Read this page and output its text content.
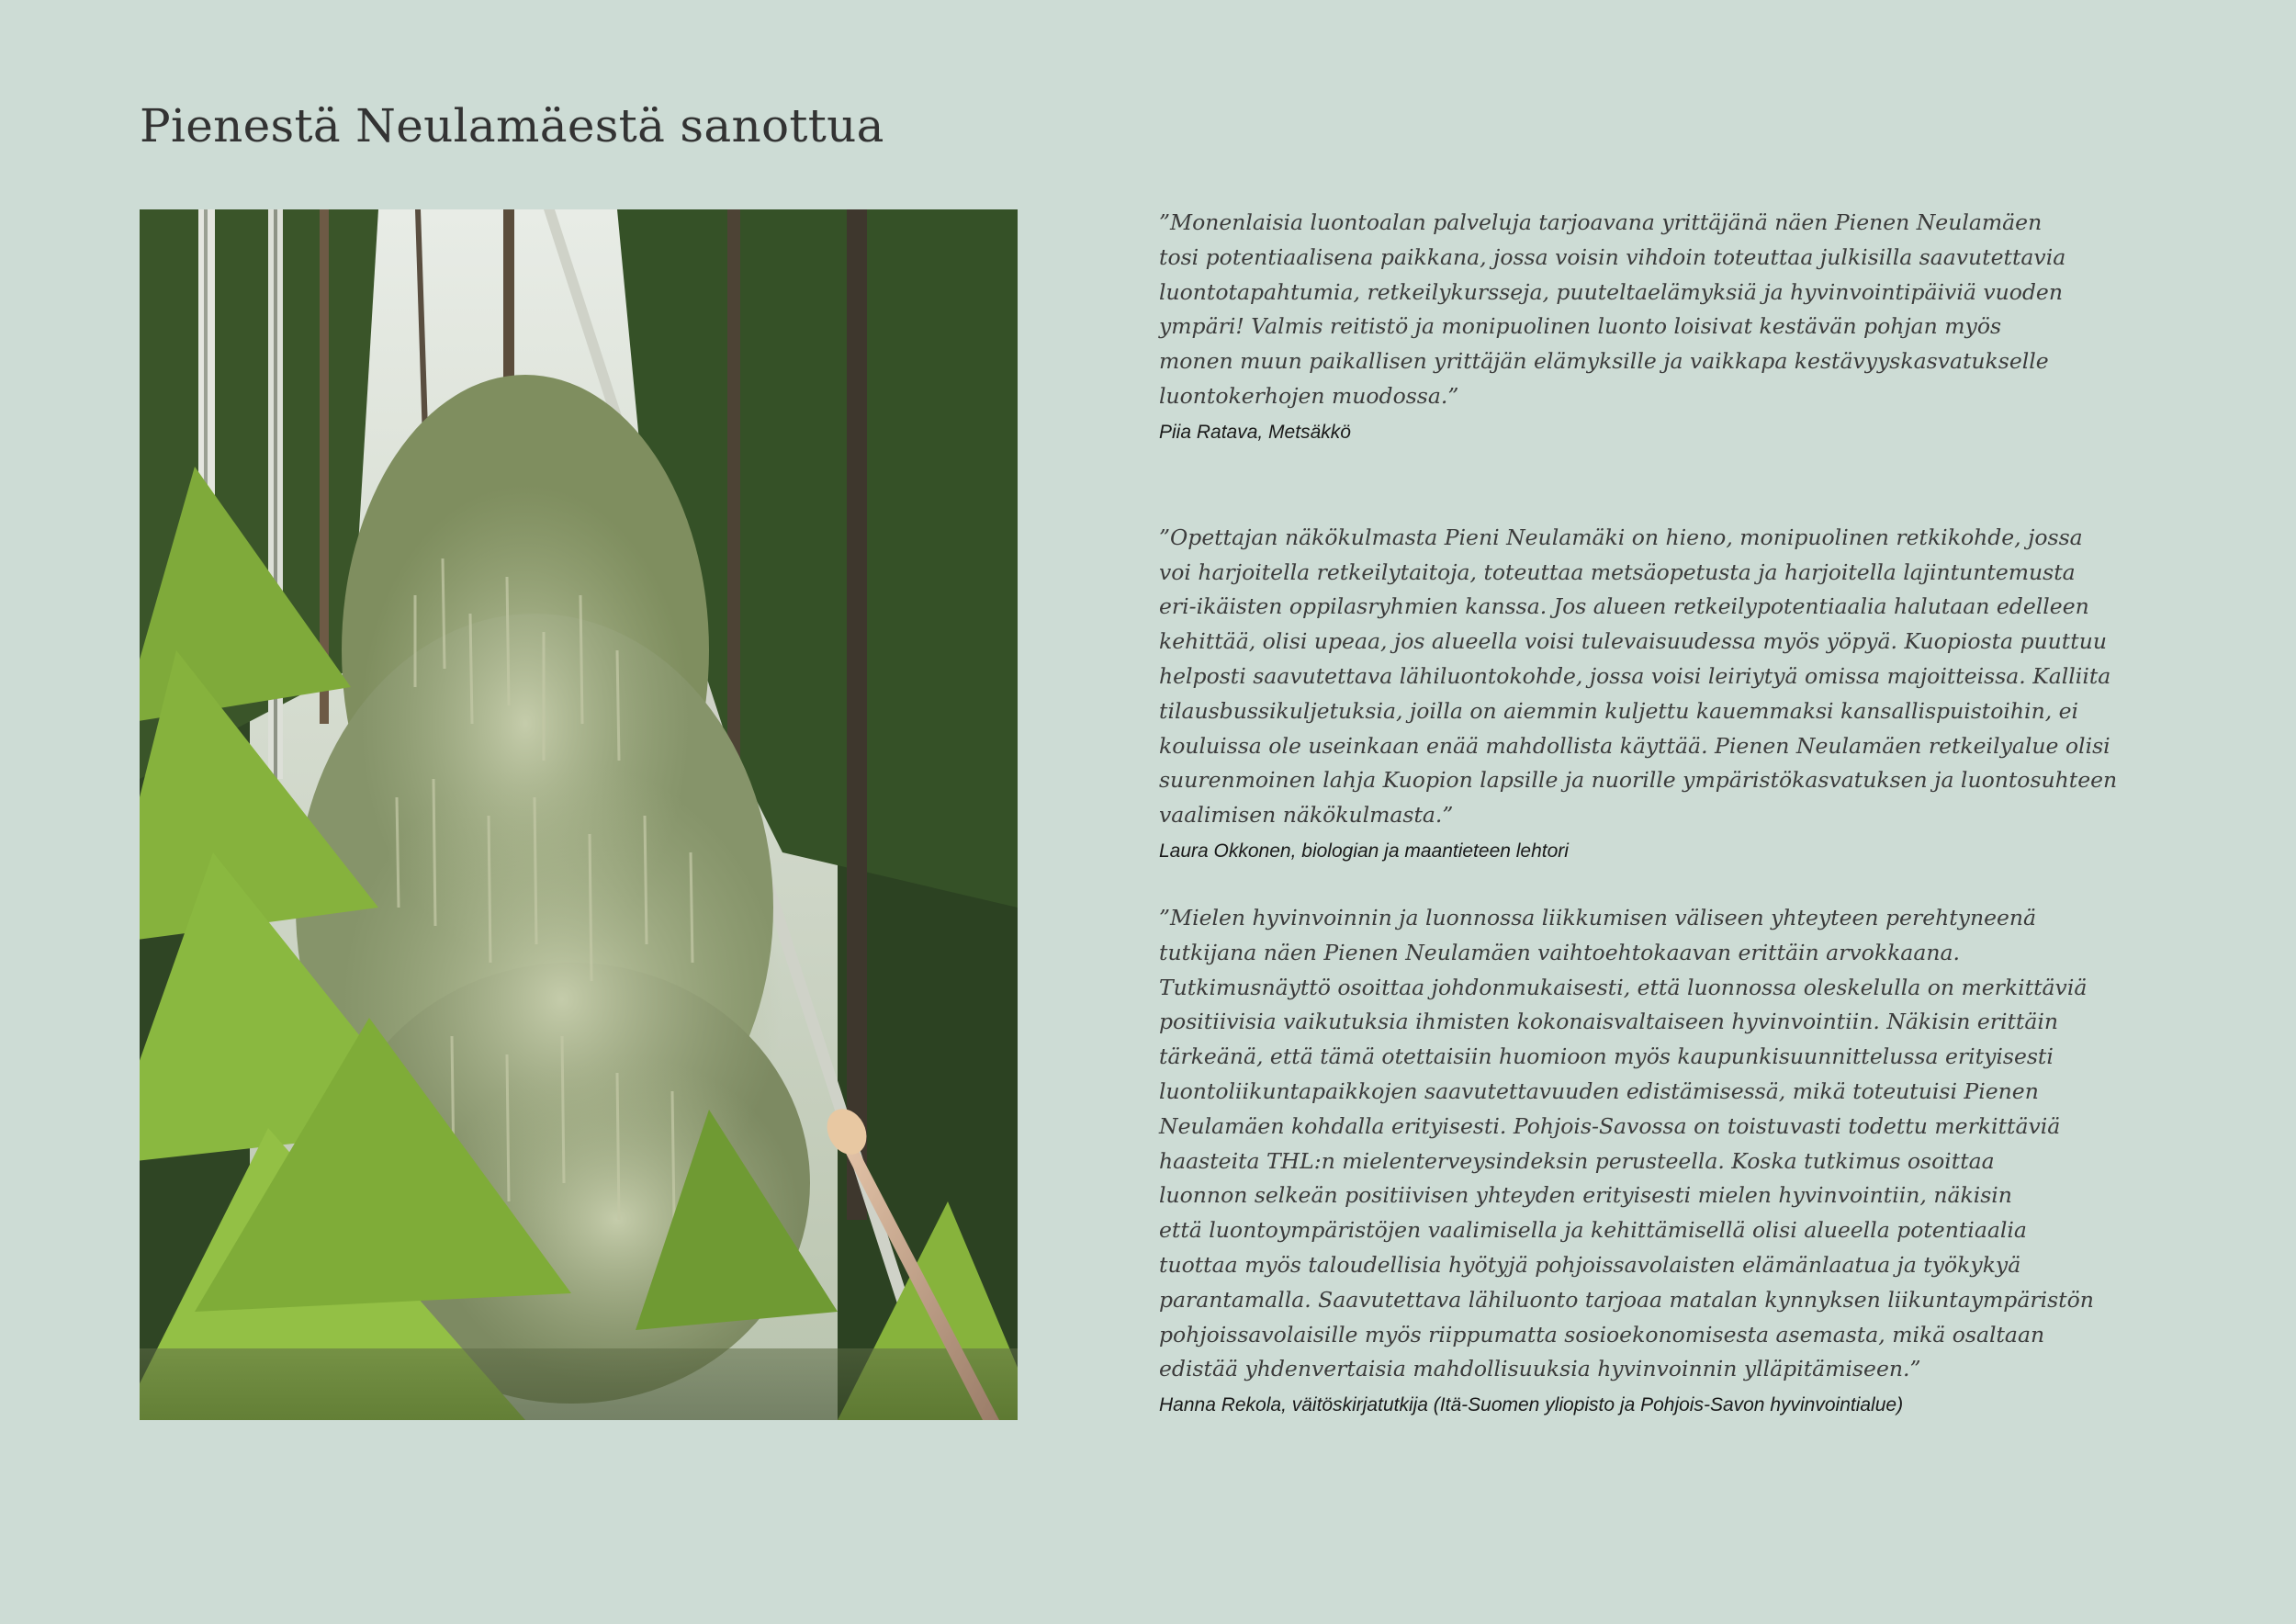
Pienestä Neulamäestä sanottua

”Monenlaisia luontoalan palveluja tarjoavana yrittäjänä näen Pienen Neulamäen
tosi potentiaalisena paikkana, jossa voisin vihdoin toteuttaa julkisilla saavutettavia
luontotapahtumia, retkeilykursseja, puuteltaelämyksiä ja hyvinvointipäiviä vuoden
ympäri! Valmis reitistö ja monipuolinen luonto loisivat kestävän pohjan myös
monen muun paikallisen yrittäjän elämyksille ja vaikkapa kestävyyskasvatukselle
luontokerhojen muodossa.”

Piia Ratava, Metsäkkö

”Opettajan näkökulmasta Pieni Neulamäki on hieno, monipuolinen retkikohde, jossa
voi harjoitella retkeilytaitoja, toteuttaa metsäopetusta ja harjoitella lajintuntemusta
eri-ikäisten oppilasryhmien kanssa. Jos alueen retkeilypotentiaalia halutaan edelleen
kehittää, olisi upeaa, jos alueella voisi tulevaisuudessa myös yöpyä. Kuopiosta puuttuu
helposti saavutettava lähiluontokohde, jossa voisi leiriytyä omissa majoitteissa. Kalliita
tilausbussikuljetuksia, joilla on aiemmin kuljettu kauemmaksi kansallispuistoihin, ei
kouluissa ole useinkaan enää mahdollista käyttää. Pienen Neulamäen retkeilyalue olisi
suurenmoinen lahja Kuopion lapsille ja nuorille ympäristökasvatuksen ja luontosuhteen
vaalimisen näkökulmasta.”

Laura Okkonen, biologian ja maantieteen lehtori

”Mielen hyvinvoinnin ja luonnossa liikkumisen väliseen yhteyteen perehtyneenä
tutkijana näen Pienen Neulamäen vaihtoehtokaavan erittäin arvokkaana.
Tutkimusnäyttö osoittaa johdonmukaisesti, että luonnossa oleskelulla on merkittäviä
positiivisia vaikutuksia ihmisten kokonaisvaltaiseen hyvinvointiin. Näkisin erittäin
tärkeänä, että tämä otettaisiin huomioon myös kaupunkisuunnittelussa erityisesti
luontoliikuntapaikkojen saavutettavuuden edistämisessä, mikä toteutuisi Pienen
Neulamäen kohdalla erityisesti. Pohjois-Savossa on toistuvasti todettu merkittäviä
haasteita THL:n mielenterveysindeksin perusteella. Koska tutkimus osoittaa
luonnon selkeän positiivisen yhteyden erityisesti mielen hyvinvointiin, näkisin
että luontoympäristöjen vaalimisella ja kehittämisellä olisi alueella potentiaalia
tuottaa myös taloudellisia hyötyjä pohjoissavolaisten elämänlaatua ja työkykyä
parantamalla. Saavutettava lähiluonto tarjoaa matalan kynnyksen liikuntaympäristön
pohjoissavolaisille myös riippumatta sosioekonomisesta asemasta, mikä osaltaan
edistää yhdenvertaisia mahdollisuuksia hyvinvoinnin ylläpitämiseen.”

Hanna Rekola, väitöskirjatutkija (Itä-Suomen yliopisto ja Pohjois-Savon hyvinvointialue)
